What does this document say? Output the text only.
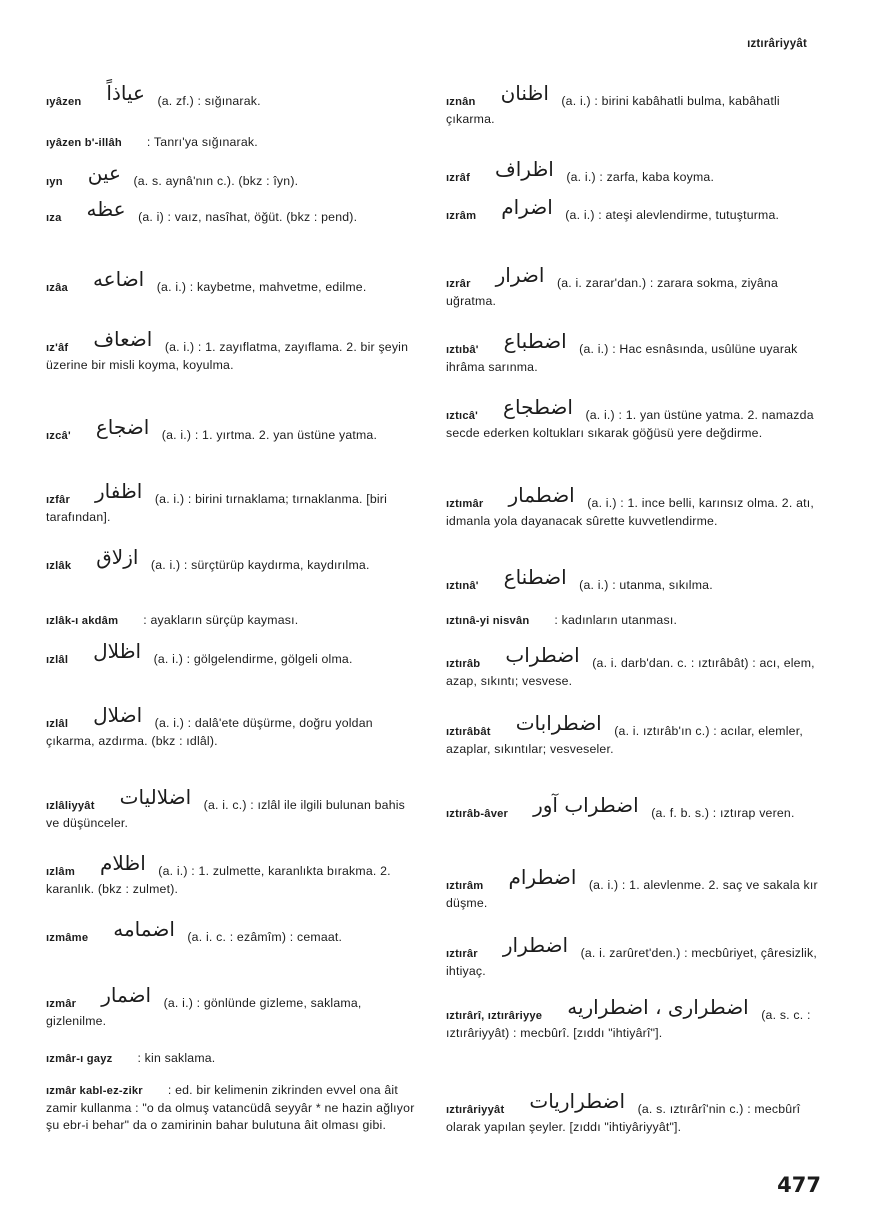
ıztırâriyyât

ıyâzen   عياذاً  (a. zf.) : sığınarak.

ıyâzen b'-illâh   : Tanrı'ya sığınarak.

ıyn   عين  (a. s. aynâ'nın c.). (bkz : îyn).

ıza   عظه  (a. i) : vaız, nasîhat, öğüt. (bkz : pend).

ızâa   اضاعه  (a. i.) : kaybetme, mahvetme, edilme.

ız'âf   اضعاف  (a. i.) : 1. zayıflatma, zayıflama. 2. bir şeyin üzerine bir misli koyma, koyulma.

ızcâ'   اضجاع  (a. i.) : 1. yırtma. 2. yan üstüne yatma.

ızfâr   اظفار  (a. i.) : birini tırnaklama; tırnaklanma. [biri tarafından].

ızlâk   ازلاق  (a. i.) : sürçtürüp kaydırma, kaydırılma.

ızlâk-ı akdâm   : ayakların sürçüp kayması.

ızlâl   اظلال  (a. i.) : gölgelendirme, gölgeli olma.

ızlâl   اضلال  (a. i.) : dalâ'ete düşürme, doğru yoldan çıkarma, azdırma. (bkz : ıdlâl).

ızlâliyyât   اضلاليات  (a. i. c.) : ızlâl ile ilgili bulunan bahis ve düşünceler.

ızlâm   اظلام  (a. i.) : 1. zulmette, karanlıkta bırakma. 2. karanlık. (bkz : zulmet).

ızmâme   اضمامه  (a. i. c. : ezâmîm) : cemaat.

ızmâr   اضمار  (a. i.) : gönlünde gizleme, saklama, gizlenilme.

ızmâr-ı gayz   : kin saklama.

ızmâr kabl-ez-zikr   : ed. bir kelimenin zikrinden evvel ona âit zamir kullanma : "o da olmuş vatancüdâ seyyâr * ne hazin ağlıyor şu ebr-i behar" da o zamirinin bahar bulutuna âit olması gibi.

ıznân   اظنان  (a. i.) : birini kabâhatli bulma, kabâhatli çıkarma.

ızrâf   اظراف  (a. i.) : zarfa, kaba koyma.

ızrâm   اضرام  (a. i.) : ateşi alevlendirme, tutuşturma.

ızrâr   اضرار  (a. i. zarar'dan.) : zarara sokma, ziyâna uğratma.

ıztıbâ'   اضطباع  (a. i.) : Hac esnâsında, usûlüne uyarak ihrâma sarınma.

ıztıcâ'   اضطجاع  (a. i.) : 1. yan üstüne yatma. 2. namazda secde ederken koltukları sıkarak göğüsü yere değdirme.

ıztımâr   اضطمار  (a. i.) : 1. ince belli, karınsız olma. 2. atı, idmanla yola dayanacak sûrette kuvvetlendirme.

ıztınâ'   اضطناع  (a. i.) : utanma, sıkılma.

ıztınâ-yi nisvân   : kadınların utanması.

ıztırâb   اضطراب  (a. i. darb'dan. c. : ıztırâbât) : acı, elem, azap, sıkıntı; vesvese.

ıztırâbât   اضطرابات  (a. i. ıztırâb'ın c.) : acılar, elemler, azaplar, sıkıntılar; vesveseler.

ıztırâb-âver   اضطراب آور  (a. f. b. s.) : ıztırap veren.

ıztırâm   اضطرام  (a. i.) : 1. alevlenme. 2. saç ve sakala kır düşme.

ıztırâr   اضطرار  (a. i. zarûret'den.) : mecbûriyet, çâresizlik, ihtiyaç.

ıztırârî, ıztırâriyye   اضطراری ، اضطراریه  (a. s. c. : ıztırâriyyât) : mecbûrî. [zıddı "ihtiyârî"].

ıztırâriyyât   اضطراریات  (a. s. ıztırârî'nin c.) : mecbûrî olarak yapılan şeyler. [zıddı "ihtiyâriyyât"].

477
